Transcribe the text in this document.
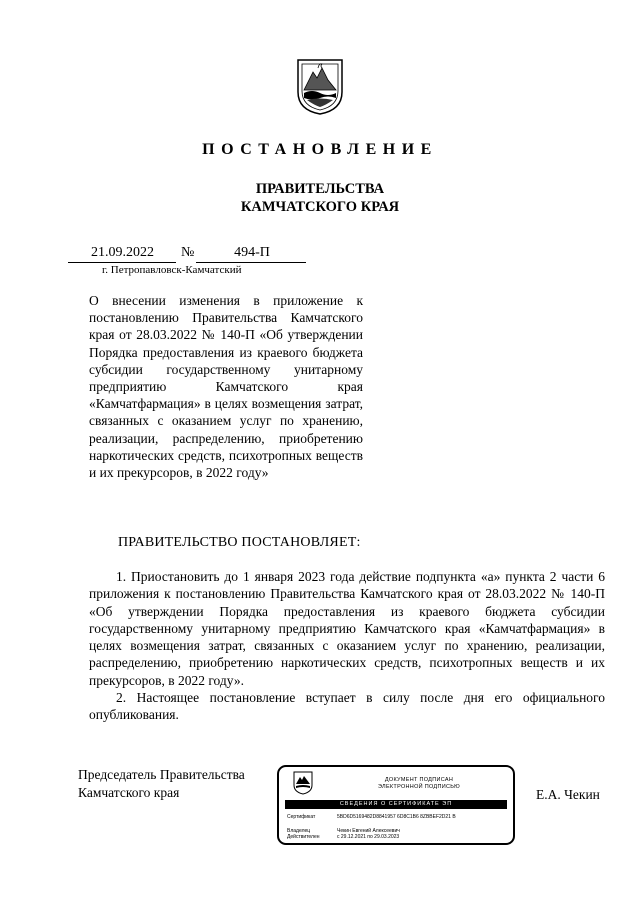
ПОСТАНОВЛЕНИЕ
ПРАВИТЕЛЬСТВА
КАМЧАТСКОГО КРАЯ
21.09.2022	№	494-П
г. Петропавловск-Камчатский

О внесении изменения в приложение к постановлению Правительства Камчатского края от 28.03.2022 № 140-П «Об утверждении Порядка предоставления из краевого бюджета субсидии государственному унитарному предприятию Камчатского края «Камчатфармация» в целях возмещения затрат, связанных с оказанием услуг по хранению, реализации, распределению, приобретению наркотических средств, психотропных веществ и их прекурсоров, в 2022 году»

ПРАВИТЕЛЬСТВО ПОСТАНОВЛЯЕТ:

1. Приостановить до 1 января 2023 года действие подпункта «а» пункта 2 части 6 приложения к постановлению Правительства Камчатского края от 28.03.2022 № 140-П «Об утверждении Порядка предоставления из краевого бюджета субсидии государственному унитарному предприятию Камчатского края «Камчатфармация» в целях возмещения затрат, связанных с оказанием услуг по хранению, реализации, распределению, приобретению наркотических средств, психотропных веществ и их прекурсоров, в 2022 году».

2. Настоящее постановление вступает в силу после дня его официального опубликования.

Председатель Правительства
Камчатского края	Е.А. Чекин
ДОКУМЕНТ ПОДПИСАН
ЭЛЕКТРОННОЙ ПОДПИСЬЮ
СВЕДЕНИЯ О СЕРТИФИКАТЕ ЭП
Сертификат	5BD6D5169482D8841957 6D8C1B6 8ZBBEF2D21 B
Владелец	Чекин Евгений Алексеевич
Действителен	с 29.12.2021 по 29.03.2023
